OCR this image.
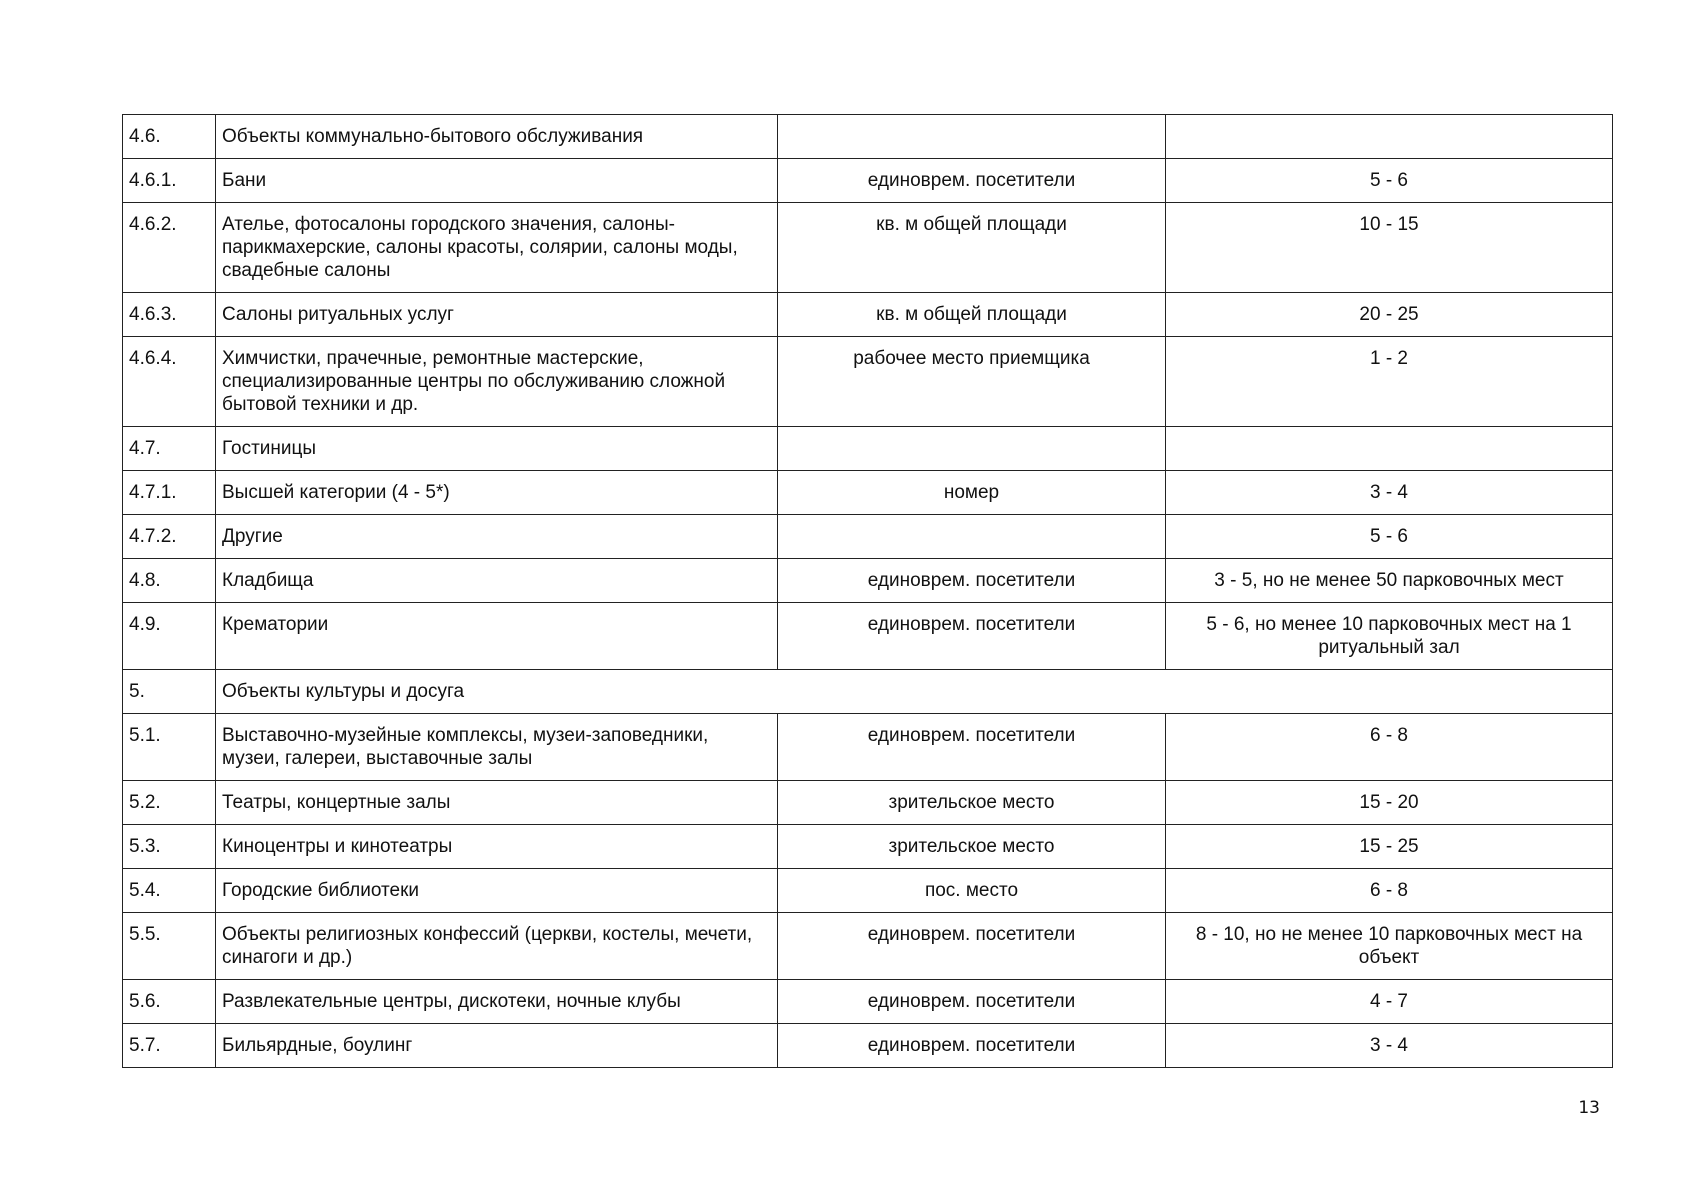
4.6.	Объекты коммунально-бытового обслуживания		
4.6.1.	Бани	единоврем. посетители	5 - 6
4.6.2.	Ателье, фотосалоны городского значения, салоны-парикмахерские, салоны красоты, солярии, салоны моды, свадебные салоны	кв. м общей площади	10 - 15
4.6.3.	Салоны ритуальных услуг	кв. м общей площади	20 - 25
4.6.4.	Химчистки, прачечные, ремонтные мастерские, специализированные центры по обслуживанию сложной бытовой техники и др.	рабочее место приемщика	1 - 2
4.7.	Гостиницы		
4.7.1.	Высшей категории (4 - 5*)	номер	3 - 4
4.7.2.	Другие		5 - 6
4.8.	Кладбища	единоврем. посетители	3 - 5, но не менее 50 парковочных мест
4.9.	Крематории	единоврем. посетители	5 - 6, но менее 10 парковочных мест на 1 ритуальный зал
5.	Объекты культуры и досуга		
5.1.	Выставочно-музейные комплексы, музеи-заповедники, музеи, галереи, выставочные залы	единоврем. посетители	6 - 8
5.2.	Театры, концертные залы	зрительское место	15 - 20
5.3.	Киноцентры и кинотеатры	зрительское место	15 - 25
5.4.	Городские библиотеки	пос. место	6 - 8
5.5.	Объекты религиозных конфессий (церкви, костелы, мечети, синагоги и др.)	единоврем. посетители	8 - 10, но не менее 10 парковочных мест на объект
5.6.	Развлекательные центры, дискотеки, ночные клубы	единоврем. посетители	4 - 7
5.7.	Бильярдные, боулинг	единоврем. посетители	3 - 4
13
